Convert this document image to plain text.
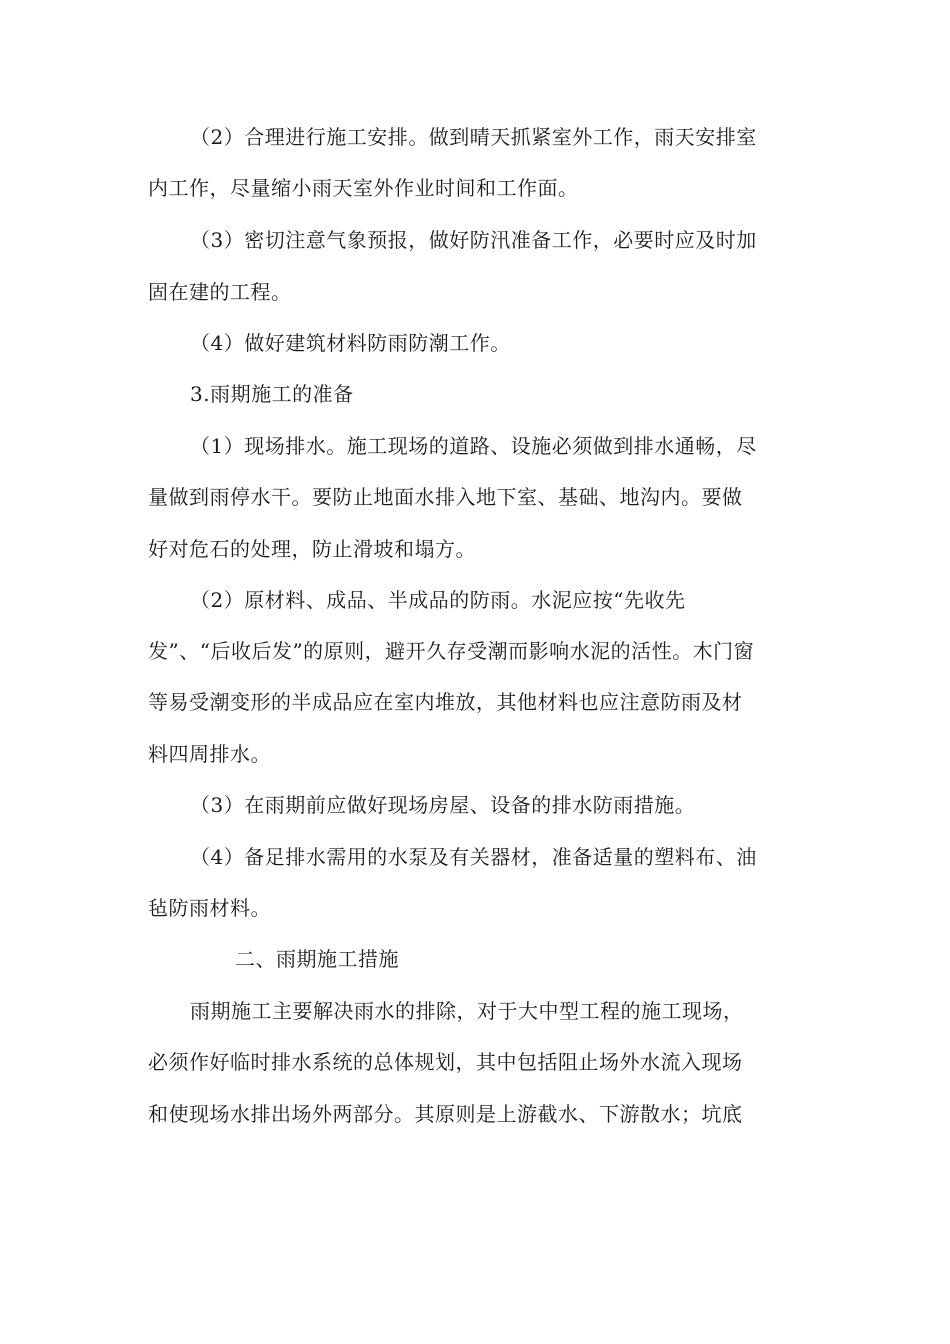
（2）合理进行施工安排。做到晴天抓紧室外工作，雨天安排室
内工作，尽量缩小雨天室外作业时间和工作面。
（3）密切注意气象预报，做好防汛准备工作，必要时应及时加
固在建的工程。
（4）做好建筑材料防雨防潮工作。
3.雨期施工的准备
（1）现场排水。施工现场的道路、设施必须做到排水通畅，尽
量做到雨停水干。要防止地面水排入地下室、基础、地沟内。要做
好对危石的处理，防止滑坡和塌方。
（2）原材料、成品、半成品的防雨。水泥应按“先收先
发”、“后收后发”的原则，避开久存受潮而影响水泥的活性。木门窗
等易受潮变形的半成品应在室内堆放，其他材料也应注意防雨及材
料四周排水。
（3）在雨期前应做好现场房屋、设备的排水防雨措施。
（4）备足排水需用的水泵及有关器材，准备适量的塑料布、油
毡防雨材料。
二、雨期施工措施
雨期施工主要解决雨水的排除，对于大中型工程的施工现场，
必须作好临时排水系统的总体规划，其中包括阻止场外水流入现场
和使现场水排出场外两部分。其原则是上游截水、下游散水；坑底
